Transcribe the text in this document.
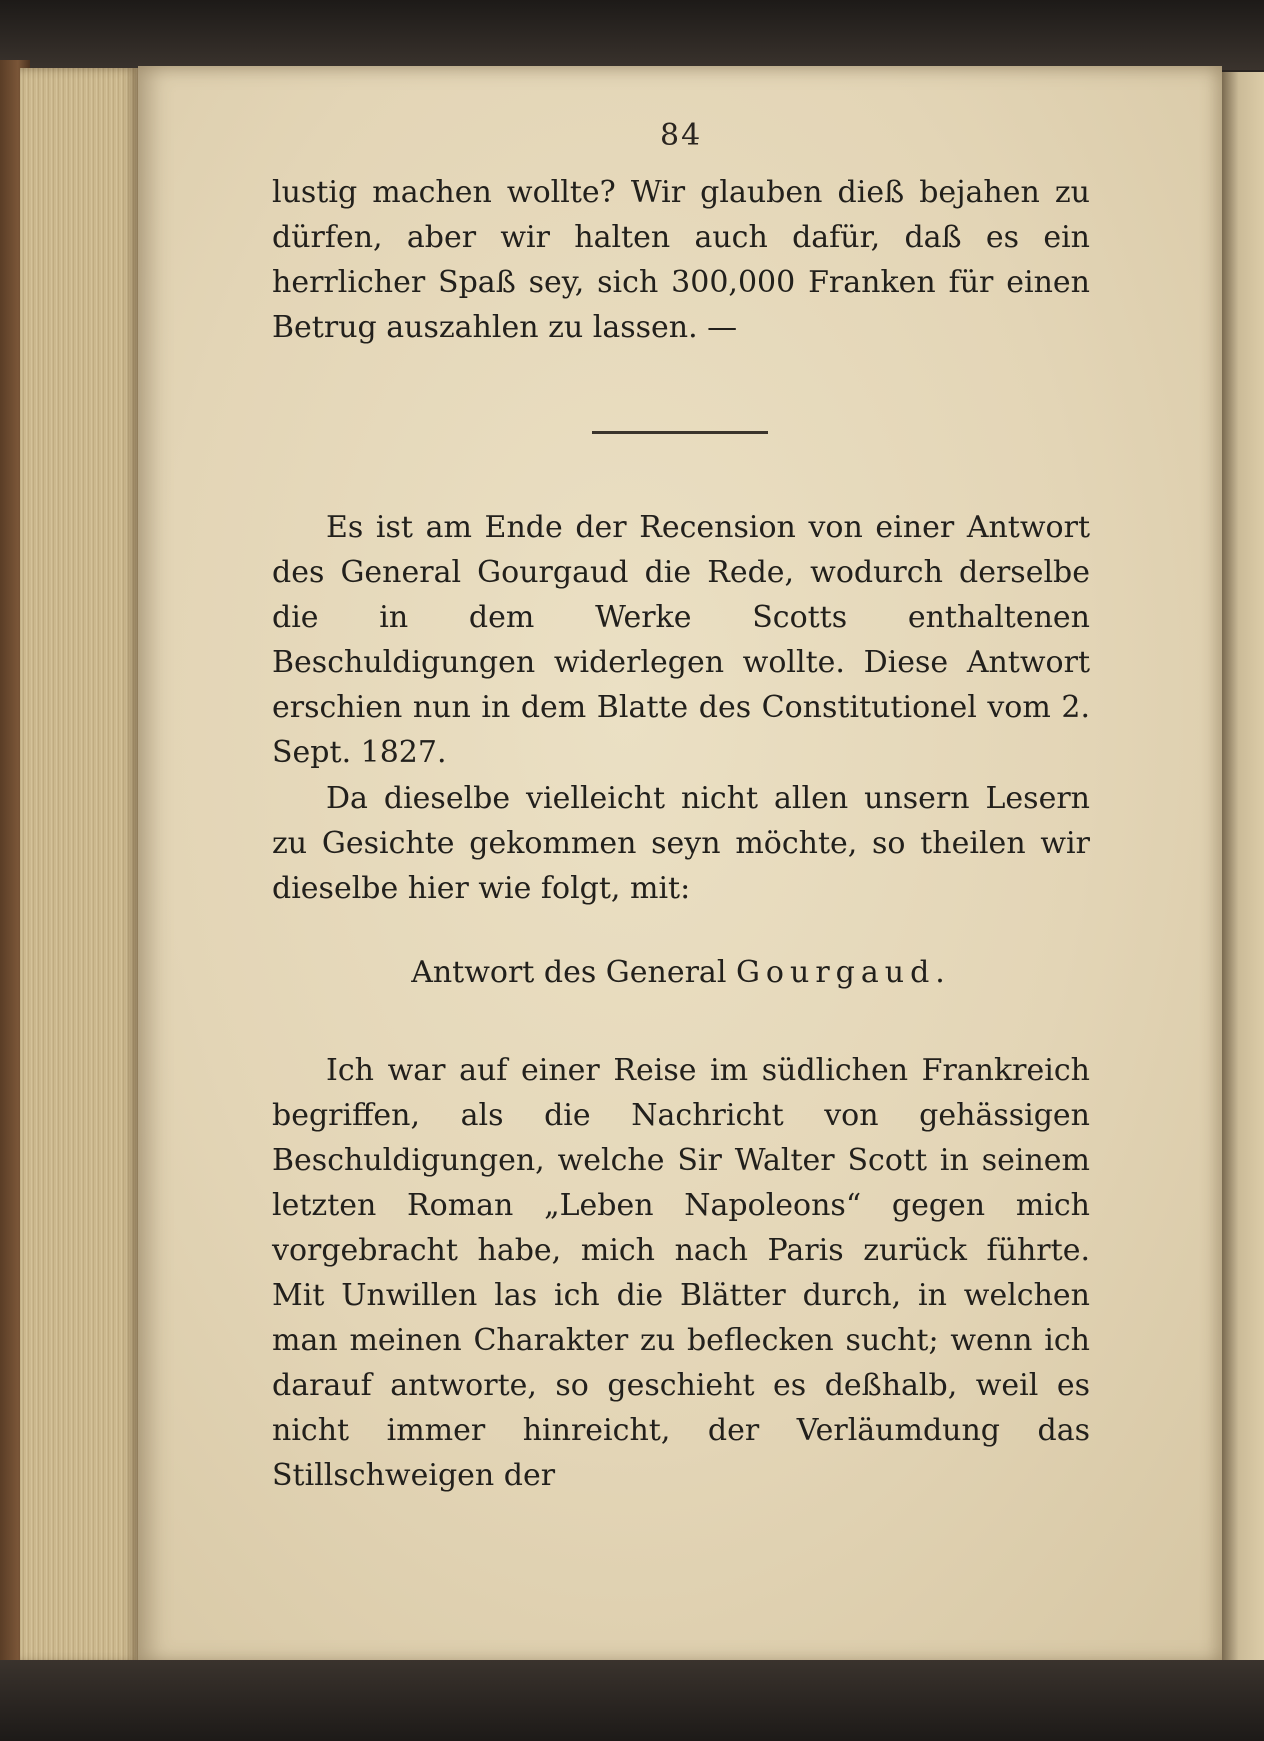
84

lustig machen wollte? Wir glauben dieß bejahen zu dürfen, aber wir halten auch dafür, daß es ein herrlicher Spaß sey, sich 300,000 Franken für einen Betrug auszahlen zu lassen. —

Es ist am Ende der Recension von einer Antwort des General Gourgaud die Rede, wodurch derselbe die in dem Werke Scotts enthaltenen Beschuldigungen widerlegen wollte. Diese Antwort erschien nun in dem Blatte des Constitutionel vom 2. Sept. 1827.

Da dieselbe vielleicht nicht allen unsern Lesern zu Gesichte gekommen seyn möchte, so theilen wir dieselbe hier wie folgt, mit:

Antwort des General Gourgaud.

Ich war auf einer Reise im südlichen Frankreich begriffen, als die Nachricht von gehässigen Beschuldigungen, welche Sir Walter Scott in seinem letzten Roman „Leben Napoleons“ gegen mich vorgebracht habe, mich nach Paris zurück führte. Mit Unwillen las ich die Blätter durch, in welchen man meinen Charakter zu beflecken sucht; wenn ich darauf antworte, so geschieht es deßhalb, weil es nicht immer hinreicht, der Verläumdung das Stillschweigen der
